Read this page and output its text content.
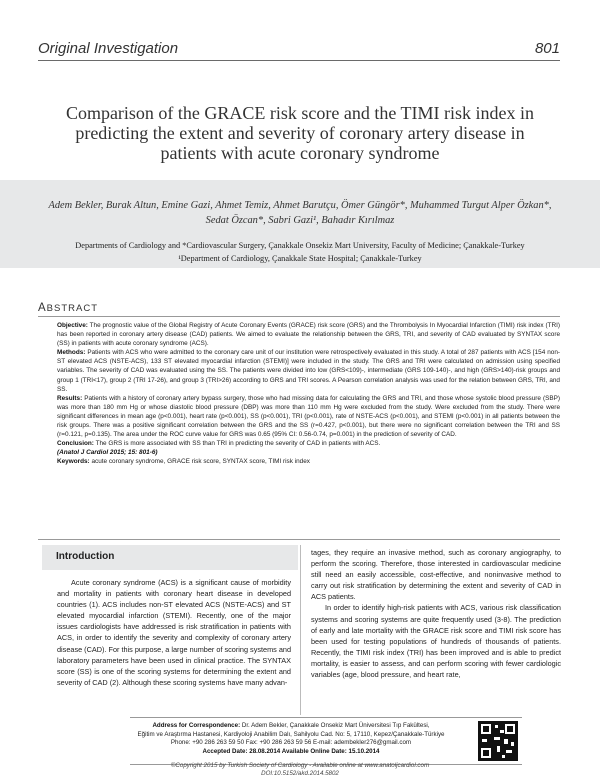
Original Investigation	801
Comparison of the GRACE risk score and the TIMI risk index in
predicting the extent and severity of coronary artery disease in
patients with acute coronary syndrome
Adem Bekler, Burak Altun, Emine Gazi, Ahmet Temiz, Ahmet Barutçu, Ömer Güngör*, Muhammed Turgut Alper Özkan*,
Sedat Özcan*, Sabri Gazi¹, Bahadır Kırılmaz
Departments of Cardiology and *Cardiovascular Surgery, Çanakkale Onsekiz Mart University, Faculty of Medicine; Çanakkale-Turkey
¹Department of Cardiology, Çanakkale State Hospital; Çanakkale-Turkey
ABSTRACT

Objective: The prognostic value of the Global Registry of Acute Coronary Events (GRACE) risk score (GRS) and the Thrombolysis In Myocardial Infarction (TIMI) risk index (TRI) has been reported in coronary artery disease (CAD) patients. We aimed to evaluate the relationship between the GRS, TRI, and severity of CAD evaluated by SYNTAX score (SS) in patients with acute coronary syndrome (ACS).

Methods: Patients with ACS who were admitted to the coronary care unit of our institution were retrospectively evaluated in this study. A total of 287 patients with ACS [154 non-ST elevated ACS (NSTE-ACS), 133 ST elevated myocardial infarction (STEMI)] were included in the study. The GRS and TRI were calculated on admission using specified variables. The severity of CAD was evaluated using the SS. The patients were divided into low (GRS<109)-, intermediate (GRS 109-140)-, and high (GRS>140)-risk groups and group 1 (TRI<17), group 2 (TRI 17-26), and group 3 (TRI>26) according to GRS and TRI scores. A Pearson correlation analysis was used for the relation between GRS, TRI, and SS.

Results: Patients with a history of coronary artery bypass surgery, those who had missing data for calculating the GRS and TRI, and those whose systolic blood pressure (SBP) was more than 180 mm Hg or whose diastolic blood pressure (DBP) was more than 110 mm Hg were excluded from the study. Were excluded from the study. There were significant differences in mean age (p<0.001), heart rate (p<0.001), SS (p<0.001), TRI (p<0.001), rate of NSTE-ACS (p<0.001), and STEMI (p<0.001) in all patients between the risk groups. There was a positive significant correlation between the GRS and the SS (r=0.427, p<0.001), but there were no significant correlation between the TRI and SS (r=0.121, p=0.135). The area under the ROC curve value for GRS was 0.65 (95% CI: 0.56-0.74, p=0.001) in the prediction of severity of CAD.

Conclusion: The GRS is more associated with SS than TRI in predicting the severity of CAD in patients with ACS.

(Anatol J Cardiol 2015; 15: 801-6)

Keywords: acute coronary syndrome, GRACE risk score, SYNTAX score, TIMI risk index

Introduction

Acute coronary syndrome (ACS) is a significant cause of morbidity and mortality in patients with coronary heart disease in developed countries (1). ACS includes non-ST elevated ACS (NSTE-ACS) and ST elevated myocardial infarction (STEMI). Recently, one of the major issues cardiologists have addressed is risk stratification in patients with ACS, in order to identify the severity and complexity of coronary artery disease (CAD). For this purpose, a large number of scoring systems and laboratory parameters have been used in clinical practice. The SYNTAX score (SS) is one of the scoring systems for determining the extent and severity of CAD (2). Although these scoring systems have many advan-

tages, they require an invasive method, such as coronary angiography, to perform the scoring. Therefore, those interested in cardiovascular medicine still need an easily accessible, cost-effective, and noninvasive method to carry out risk stratification by determining the extent and severity of CAD in ACS patients.

In order to identify high-risk patients with ACS, various risk classification systems and scoring systems are quite frequently used (3-8). The prediction of early and late mortality with the GRACE risk score and TIMI risk score has been used for testing populations of hundreds of thousands of patients. Recently, the TIMI risk index (TRI) has been improved and is able to predict mortality, is easier to assess, and can perform scoring with fewer cardiologic variables (age, blood pressure, and heart rate,

Address for Correspondence: Dr. Adem Bekler, Çanakkale Onsekiz Mart Üniversitesi Tıp Fakültesi,
Eğitim ve Araştırma Hastanesi, Kardiyoloji Anabilim Dalı, Sahilyolu Cad. No: 5, 17110, Kepez/Çanakkale-Türkiye
Phone: +90 286 263 59 50 Fax: +90 286 263 59 56 E-mail: adembekler276@gmail.com
Accepted Date: 28.08.2014 Available Online Date: 15.10.2014
©Copyright 2015 by Turkish Society of Cardiology - Available online at www.anatoljcardiol.com
DOI:10.5152/akd.2014.5802
